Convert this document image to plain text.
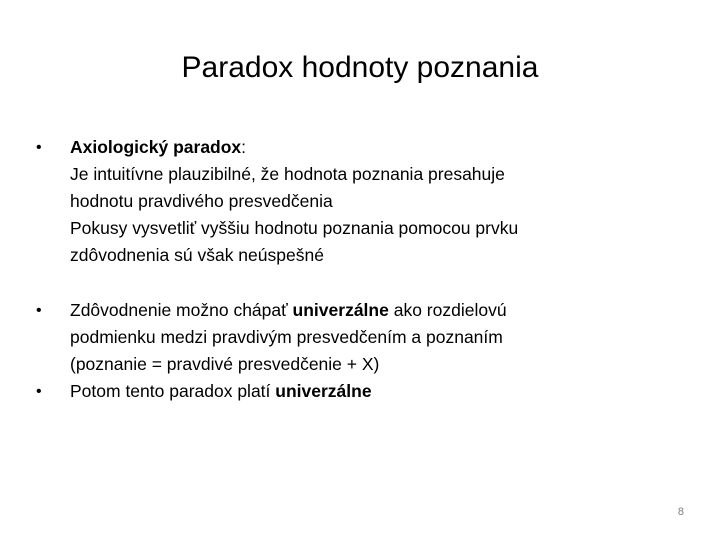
Paradox hodnoty poznania
•	Axiologický paradox:
Je intuitívne plauzibilné, že hodnota poznania presahuje
hodnotu pravdivého presvedčenia
Pokusy vysvetliť vyššiu hodnotu poznania pomocou prvku
zdôvodnenia sú však neúspešné
•	Zdôvodnenie možno chápať univerzálne ako rozdielovú
podmienku medzi pravdivým presvedčením a poznaním
(poznanie = pravdivé presvedčenie + X)
•	Potom tento paradox platí univerzálne
8
